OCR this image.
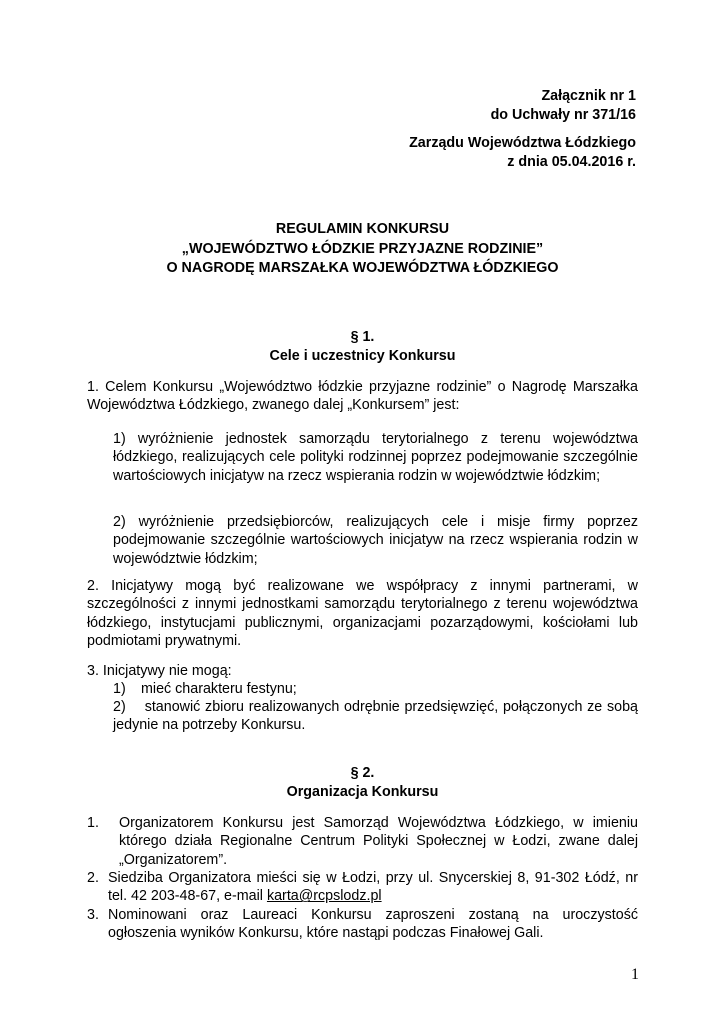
Załącznik nr 1
do Uchwały nr 371/16
Zarządu Województwa Łódzkiego
z dnia 05.04.2016 r.
REGULAMIN KONKURSU
„WOJEWÓDZTWO ŁÓDZKIE PRZYJAZNE RODZINIE”
O NAGRODĘ MARSZAŁKA WOJEWÓDZTWA ŁÓDZKIEGO
§ 1.
Cele i uczestnicy Konkursu
1. Celem Konkursu „Województwo łódzkie przyjazne rodzinie” o Nagrodę Marszałka Województwa Łódzkiego, zwanego dalej „Konkursem” jest:
1) wyróżnienie jednostek samorządu terytorialnego z terenu województwa łódzkiego, realizujących cele polityki rodzinnej poprzez podejmowanie szczególnie wartościowych inicjatyw na rzecz wspierania rodzin w województwie łódzkim;
2) wyróżnienie przedsiębiorców, realizujących cele i misje firmy poprzez podejmowanie szczególnie wartościowych inicjatyw na rzecz wspierania rodzin w województwie łódzkim;
2. Inicjatywy mogą być realizowane we współpracy z innymi partnerami, w szczególności z innymi jednostkami samorządu terytorialnego z terenu województwa łódzkiego, instytucjami publicznymi, organizacjami pozarządowymi, kościołami lub podmiotami prywatnymi.
3. Inicjatywy nie mogą:
1) mieć charakteru festynu;
2) stanowić zbioru realizowanych odrębnie przedsięwzięć, połączonych ze sobą jedynie na potrzeby Konkursu.
§ 2.
Organizacja Konkursu
1. Organizatorem Konkursu jest Samorząd Województwa Łódzkiego, w imieniu którego działa Regionalne Centrum Polityki Społecznej w Łodzi, zwane dalej „Organizatorem”.
2. Siedziba Organizatora mieści się w Łodzi, przy ul. Snycerskiej 8, 91-302 Łódź, nr tel. 42 203-48-67, e-mail karta@rcpslodz.pl
3. Nominowani oraz Laureaci Konkursu zaproszeni zostaną na uroczystość ogłoszenia wyników Konkursu, które nastąpi podczas Finałowej Gali.
1
